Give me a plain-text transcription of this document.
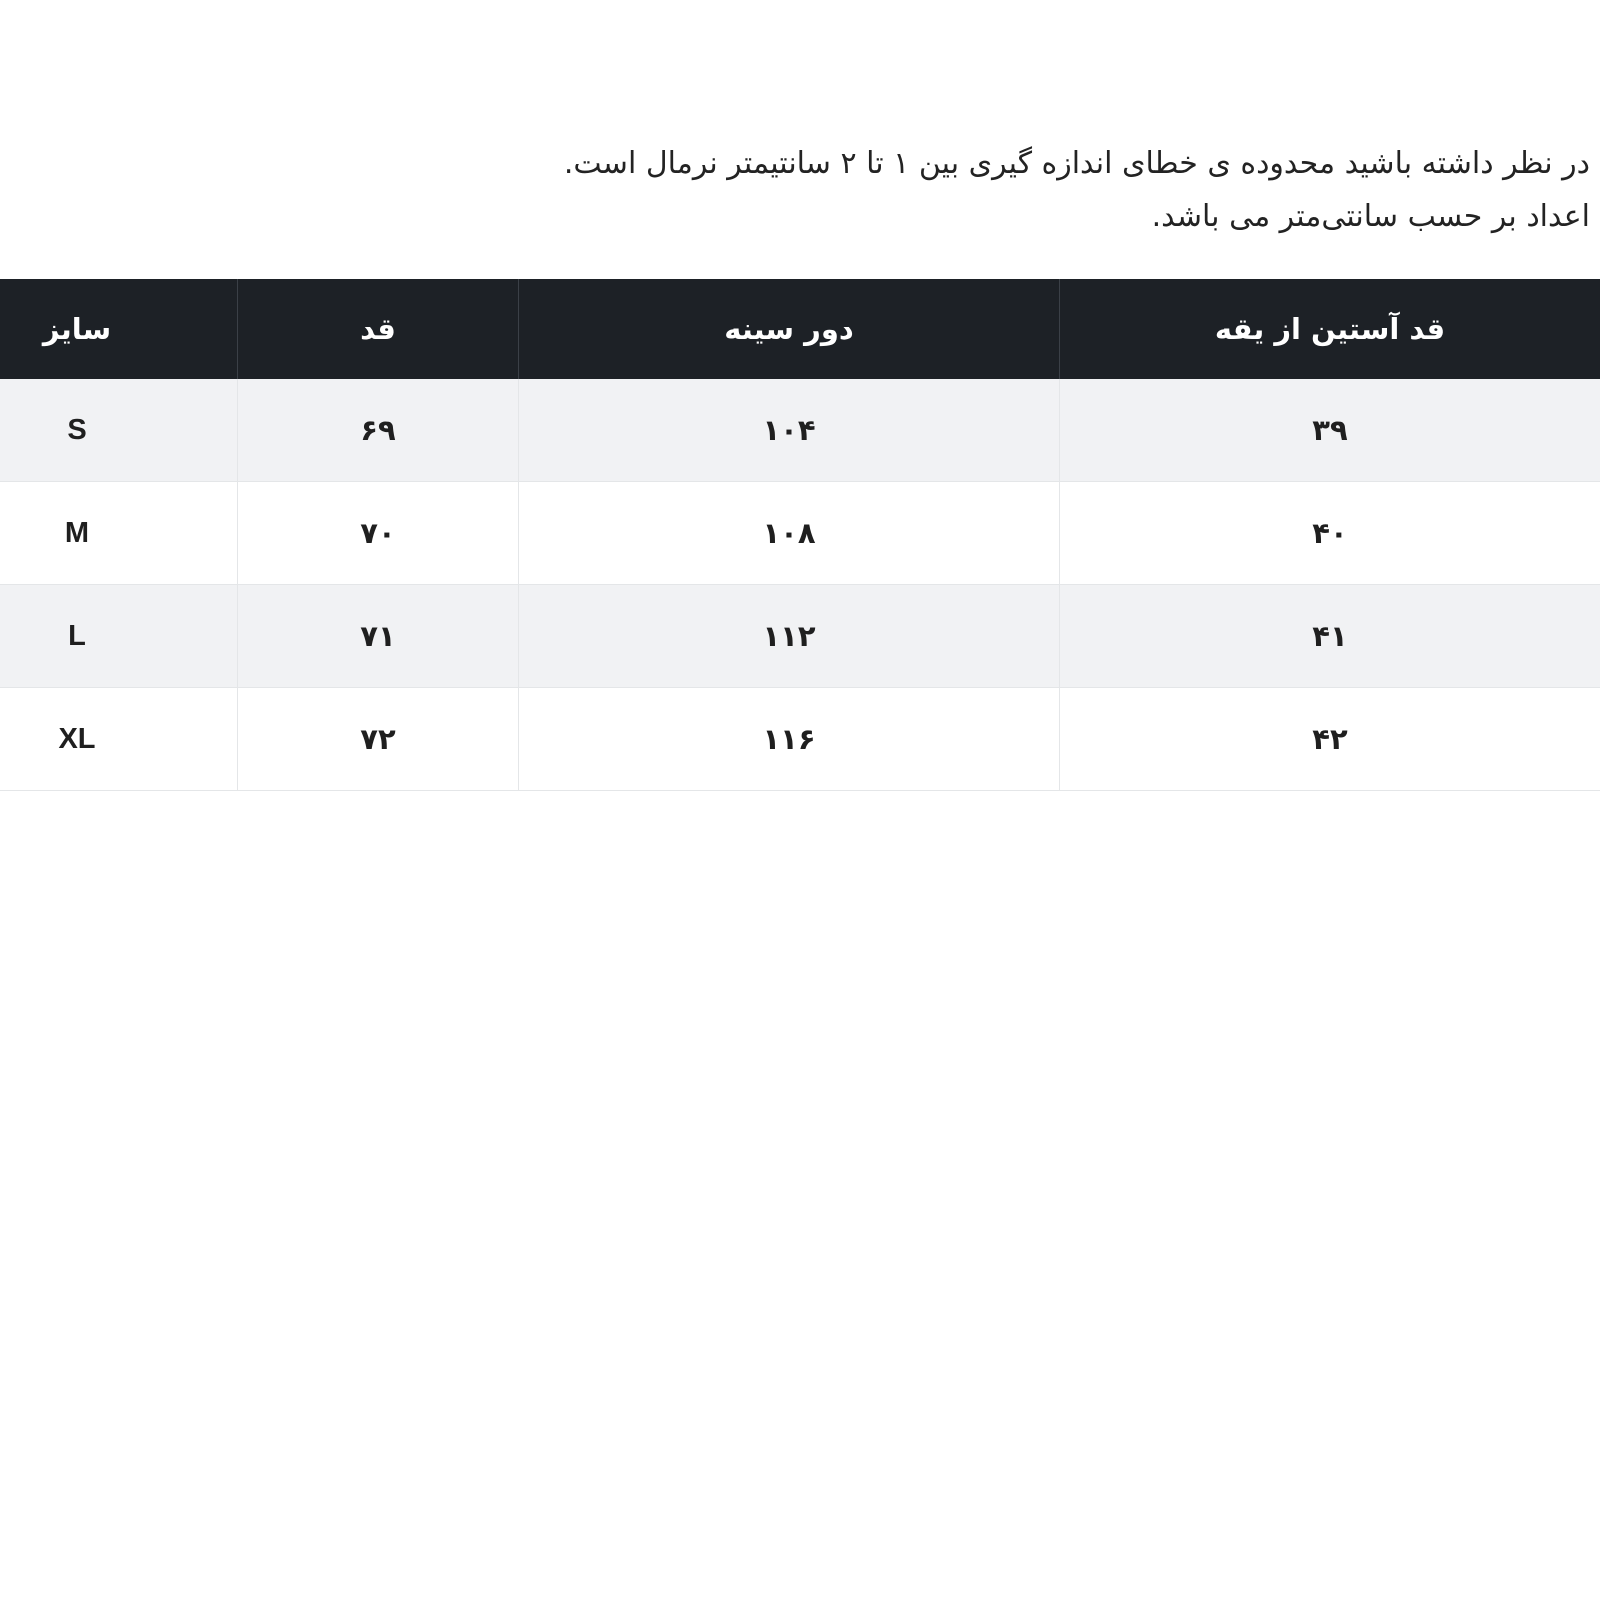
در نظر داشته باشید محدوده ی خطای اندازه گیری بین ۱ تا ۲ سانتیمتر نرمال است.
اعداد بر حسب سانتی‌متر می باشد.
قد آستین از یقه	دور سینه	قد	سایز
۳۹	۱۰۴	۶۹	S
۴۰	۱۰۸	۷۰	M
۴۱	۱۱۲	۷۱	L
۴۲	۱۱۶	۷۲	XL
